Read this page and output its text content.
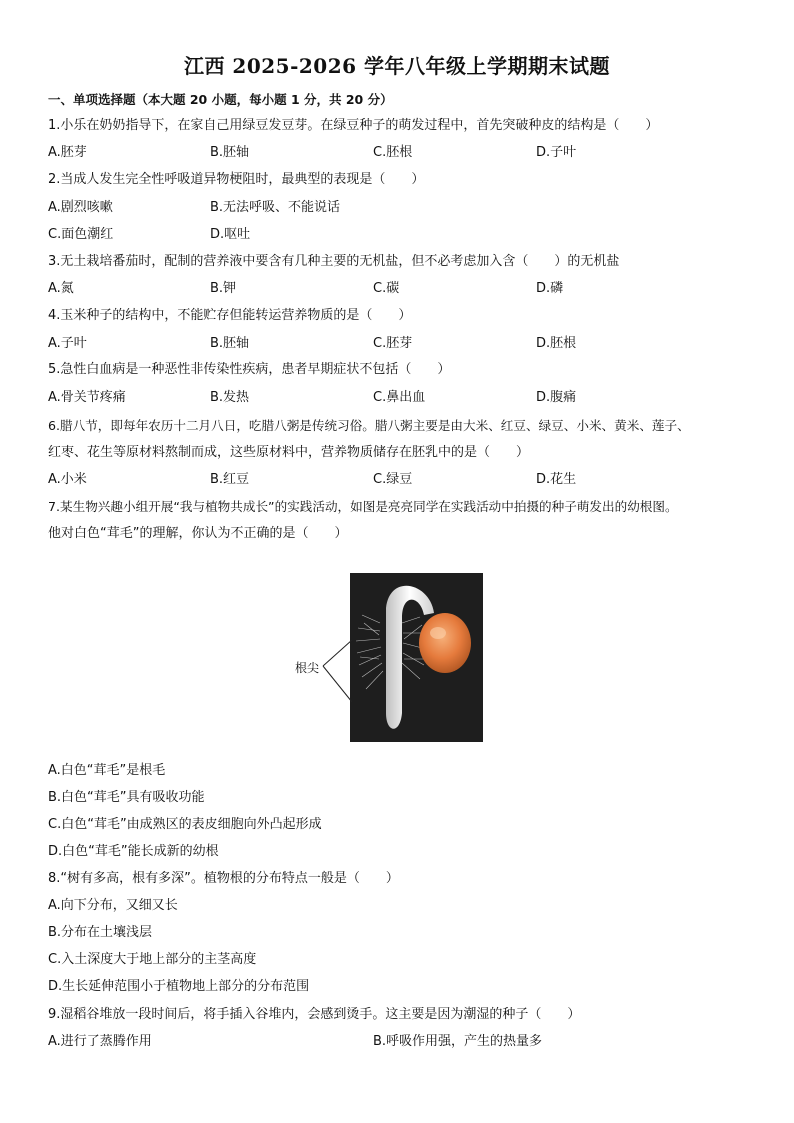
江西 2025-2026 学年八年级上学期期末试题
一、单项选择题（本大题 20 小题，每小题 1 分，共 20 分）
1.小乐在奶奶指导下，在家自己用绿豆发豆芽。在绿豆种子的萌发过程中，首先突破种皮的结构是（　　）
A.胚芽	B.胚轴	C.胚根	D.子叶
2.当成人发生完全性呼吸道异物梗阻时，最典型的表现是（　　）
A.剧烈咳嗽	B.无法呼吸、不能说话
C.面色潮红	D.呕吐
3.无土栽培番茄时，配制的营养液中要含有几种主要的无机盐，但不必考虑加入含（　　）的无机盐
A.氮	B.钾	C.碳	D.磷
4.玉米种子的结构中，不能贮存但能转运营养物质的是（　　）
A.子叶	B.胚轴	C.胚芽	D.胚根
5.急性白血病是一种恶性非传染性疾病，患者早期症状不包括（　　）
A.骨关节疼痛	B.发热	C.鼻出血	D.腹痛
6.腊八节，即每年农历十二月八日，吃腊八粥是传统习俗。腊八粥主要是由大米、红豆、绿豆、小米、黄米、莲子、
红枣、花生等原材料熬制而成，这些原材料中，营养物质储存在胚乳中的是（　　）
A.小米	B.红豆	C.绿豆	D.花生
7.某生物兴趣小组开展“我与植物共成长”的实践活动，如图是亮亮同学在实践活动中拍摄的种子萌发出的幼根图。
他对白色“茸毛”的理解，你认为不正确的是（　　）
根尖
A.白色“茸毛”是根毛
B.白色“茸毛”具有吸收功能
C.白色“茸毛”由成熟区的表皮细胞向外凸起形成
D.白色“茸毛”能长成新的幼根
8.“树有多高，根有多深”。植物根的分布特点一般是（　　）
A.向下分布，又细又长
B.分布在土壤浅层
C.入土深度大于地上部分的主茎高度
D.生长延伸范围小于植物地上部分的分布范围
9.湿稻谷堆放一段时间后，将手插入谷堆内，会感到烫手。这主要是因为潮湿的种子（　　）
A.进行了蒸腾作用	B.呼吸作用强，产生的热量多
